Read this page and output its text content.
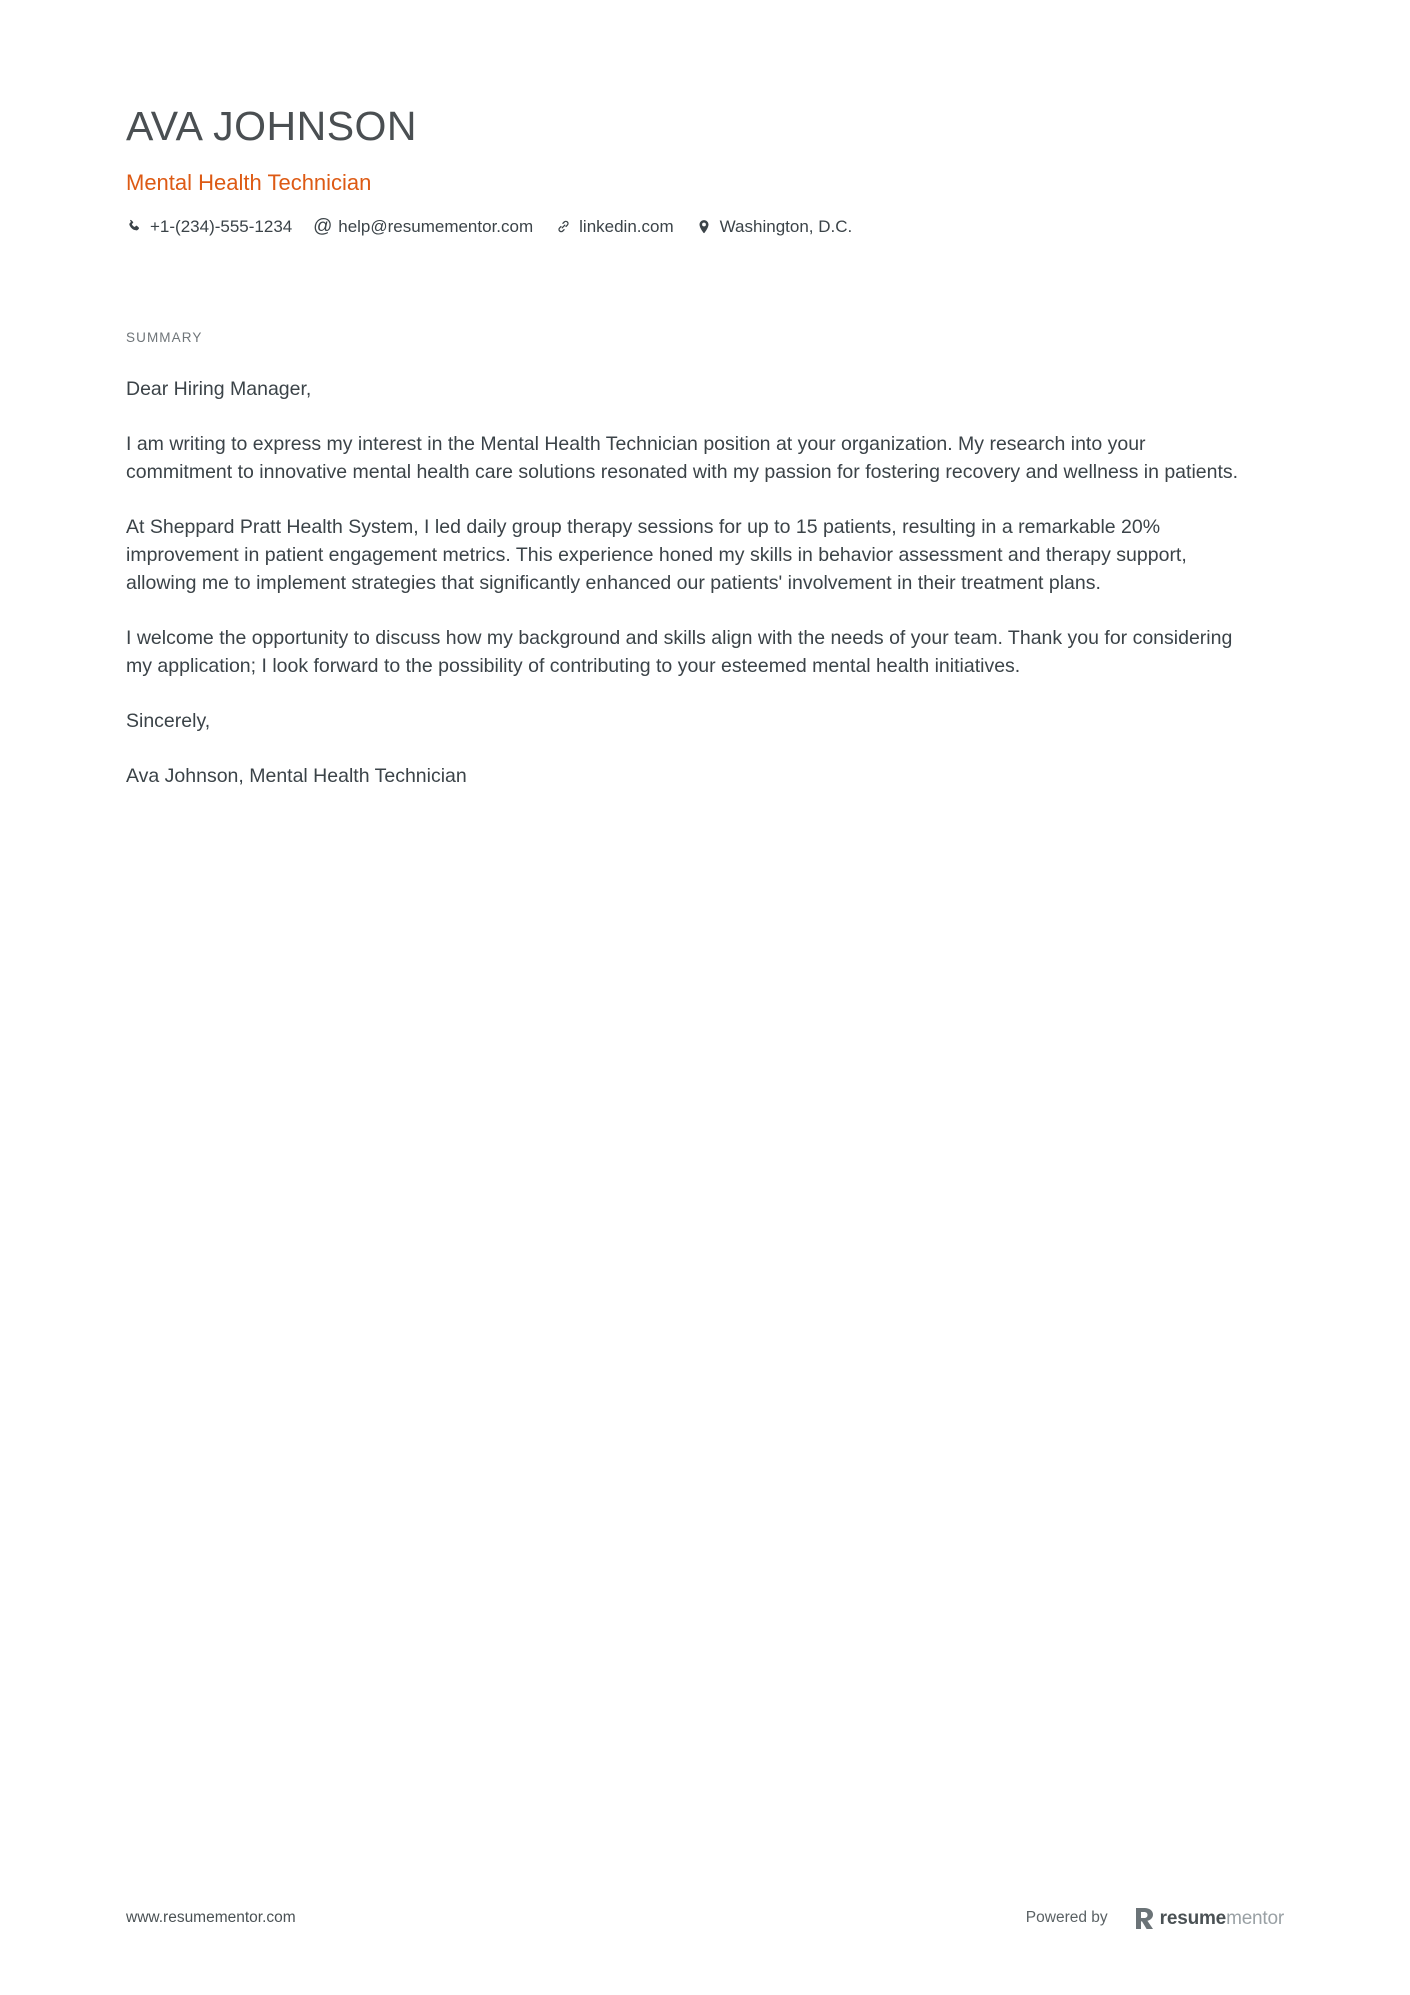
AVA JOHNSON
Mental Health Technician
+1-(234)-555-1234 @ help@resumementor.com	linkedin.com	Washington, D.C.
SUMMARY

Dear Hiring Manager,

I am writing to express my interest in the Mental Health Technician position at your organization. My research into your commitment to innovative mental health care solutions resonated with my passion for fostering recovery and wellness in patients.

At Sheppard Pratt Health System, I led daily group therapy sessions for up to 15 patients, resulting in a remarkable 20% improvement in patient engagement metrics. This experience honed my skills in behavior assessment and therapy support, allowing me to implement strategies that significantly enhanced our patients' involvement in their treatment plans.

I welcome the opportunity to discuss how my background and skills align with the needs of your team. Thank you for considering my application; I look forward to the possibility of contributing to your esteemed mental health initiatives.

Sincerely,

Ava Johnson, Mental Health Technician

www.resumementor.com	Powered by	resumementor
